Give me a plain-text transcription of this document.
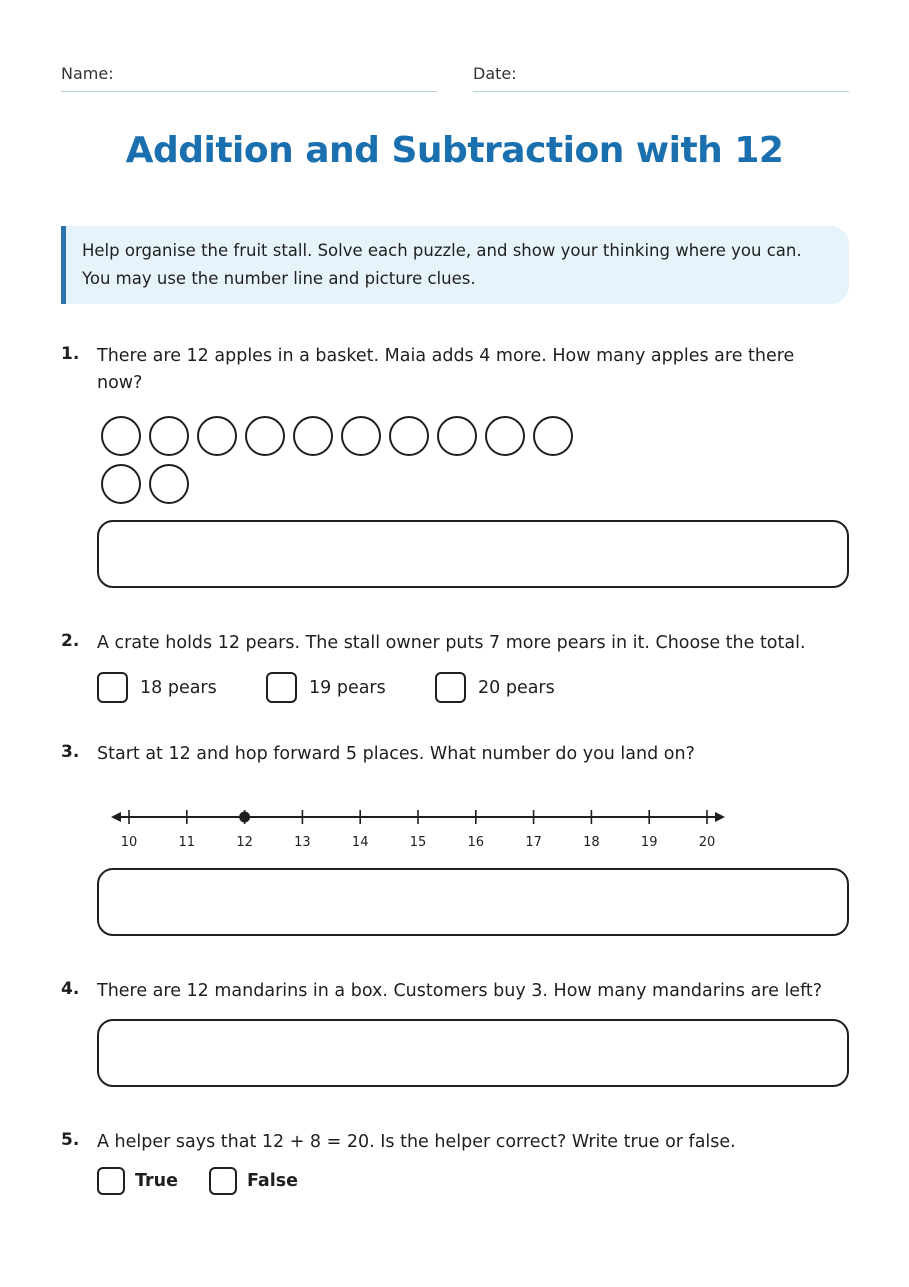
Name:	Date:
Addition and Subtraction with 12
Help organise the fruit stall. Solve each puzzle, and show your thinking where you can. You may use the number line and picture clues.
1. There are 12 apples in a basket. Maia adds 4 more. How many apples are there now?
2. A crate holds 12 pears. The stall owner puts 7 more pears in it. Choose the total.
18 pears	19 pears	20 pears
3. Start at 12 and hop forward 5 places. What number do you land on?
10	11	12	13	14	15	16	17	18	19	20
4. There are 12 mandarins in a box. Customers buy 3. How many mandarins are left?
5. A helper says that 12 + 8 = 20. Is the helper correct? Write true or false.
True	False
